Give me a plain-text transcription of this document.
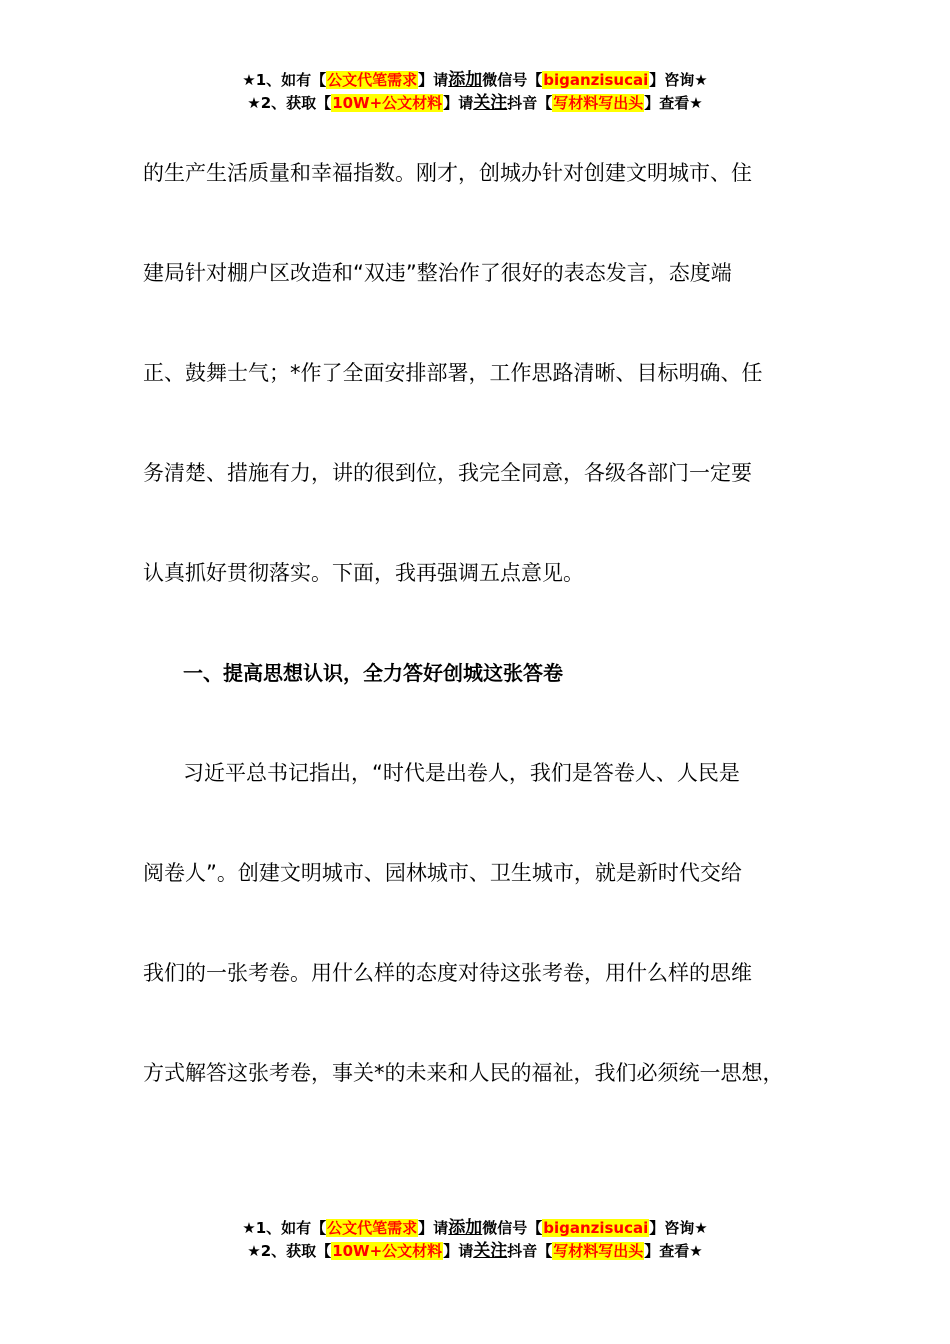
★1、如有【公文代笔需求】请添加微信号【biganzisucai】咨询★
★2、获取【10W+公文材料】请关注抖音【写材料写出头】查看★
的生产生活质量和幸福指数。刚才，创城办针对创建文明城市、住
建局针对棚户区改造和“双违”整治作了很好的表态发言，态度端
正、鼓舞士气；*作了全面安排部署，工作思路清晰、目标明确、任
务清楚、措施有力，讲的很到位，我完全同意，各级各部门一定要
认真抓好贯彻落实。下面，我再强调五点意见。
一、提高思想认识，全力答好创城这张答卷
习近平总书记指出，“时代是出卷人，我们是答卷人、人民是
阅卷人”。创建文明城市、园林城市、卫生城市，就是新时代交给
我们的一张考卷。用什么样的态度对待这张考卷，用什么样的思维
方式解答这张考卷，事关*的未来和人民的福祉，我们必须统一思想，
★1、如有【公文代笔需求】请添加微信号【biganzisucai】咨询★
★2、获取【10W+公文材料】请关注抖音【写材料写出头】查看★
